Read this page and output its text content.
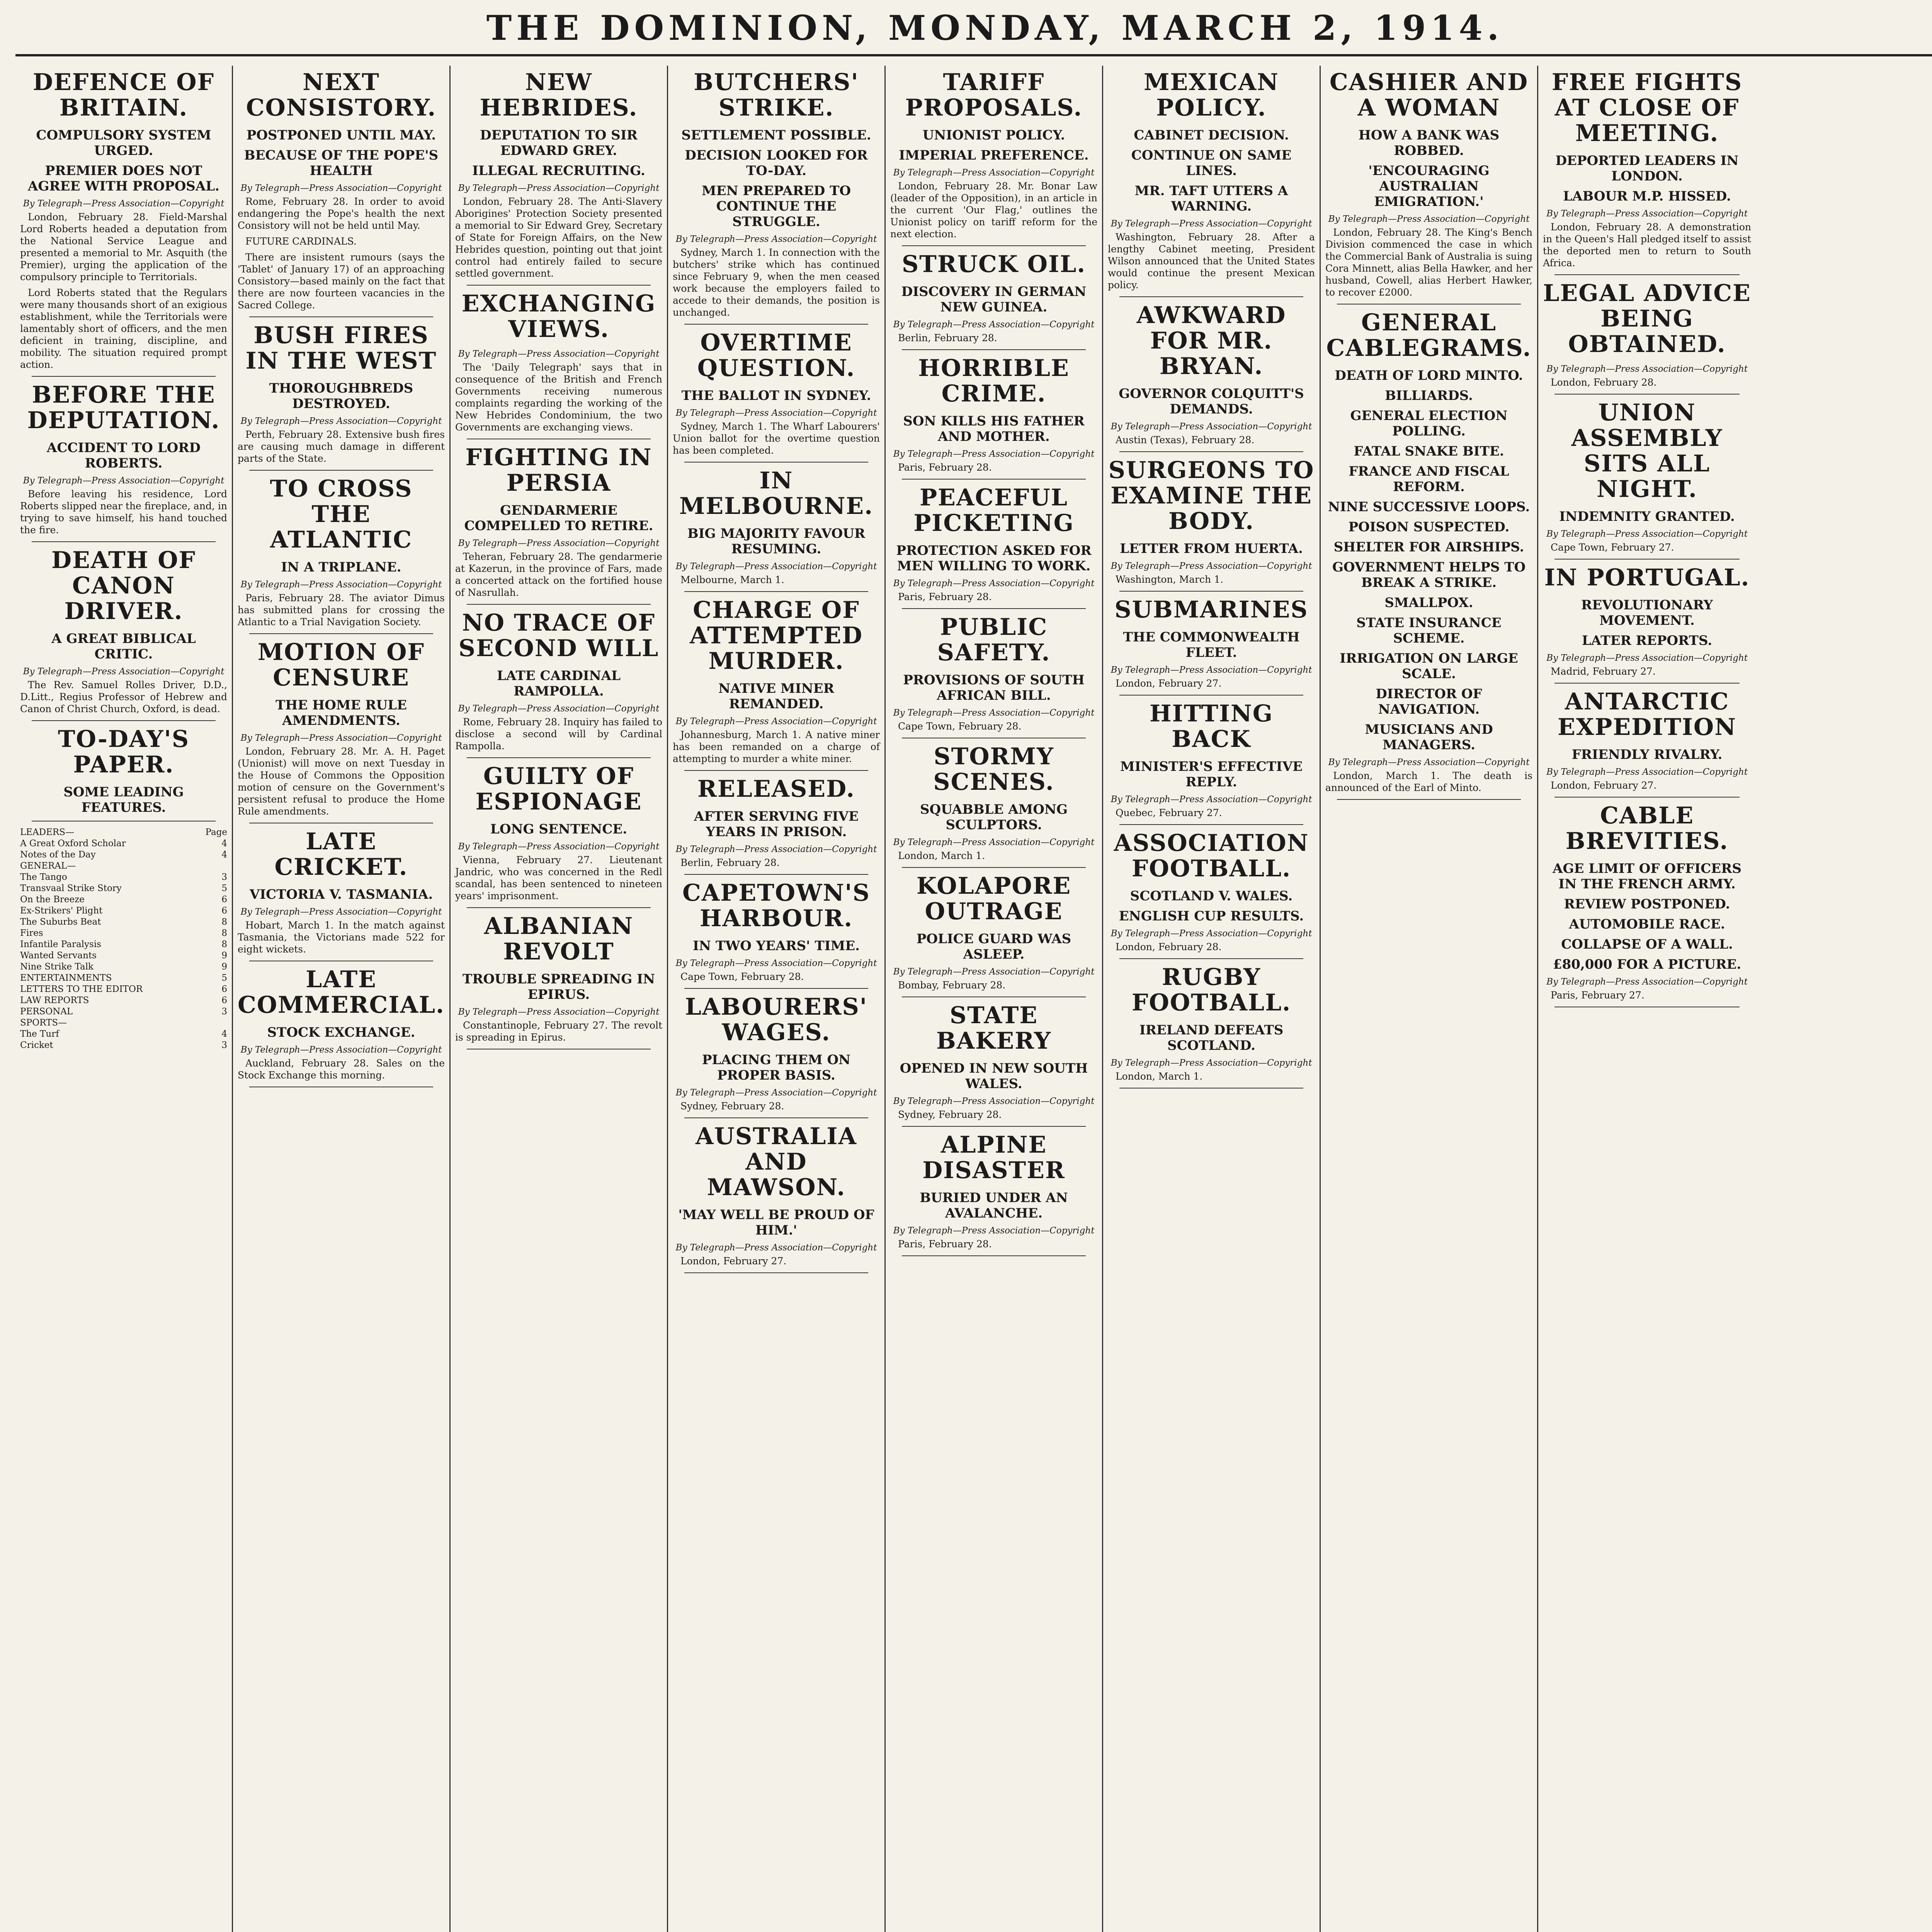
THE DOMINION, MONDAY, MARCH 2, 1914.
DEFENCE OF BRITAIN.
COMPULSORY SYSTEM URGED.
PREMIER DOES NOT AGREE WITH PROPOSAL.
By Telegraph—Press Association—Copyright
London, February 28. Field-Marshal Lord Roberts headed a deputation from the National Service League and presented a memorial to Mr. Asquith (the Premier), urging the application of the compulsory principle to Territorials.
Lord Roberts stated that the Regulars were many thousands short of an exigious establishment, while the Territorials were lamentably short of officers, and the men deficient in training, discipline, and mobility. The situation required prompt action.
BEFORE THE DEPUTATION.
ACCIDENT TO LORD ROBERTS.
By Telegraph—Press Association—Copyright
Before leaving his residence, Lord Roberts slipped near the fireplace, and, in trying to save himself, his hand touched the fire.
DEATH OF CANON DRIVER.
A GREAT BIBLICAL CRITIC.
By Telegraph—Press Association—Copyright
The Rev. Samuel Rolles Driver, D.D., D.Litt., Regius Professor of Hebrew and Canon of Christ Church, Oxford, is dead.
TO-DAY'S PAPER.
SOME LEADING FEATURES.
LEADERS—	Page
A Great Oxford Scholar	4
Notes of the Day	4
GENERAL—
The Tango	3
Transvaal Strike Story	5
On the Breeze	6
Ex-Strikers' Plight	6
The Suburbs Beat	8
Fires	8
Infantile Paralysis	8
Wanted Servants	9
Nine Strike Talk	9
ENTERTAINMENTS	5
LETTERS TO THE EDITOR	6
LAW REPORTS	6
PERSONAL	3
SPORTS—
The Turf	4
Cricket	3
NEXT CONSISTORY.
POSTPONED UNTIL MAY.
BECAUSE OF THE POPE'S HEALTH
By Telegraph—Press Association—Copyright
Rome, February 28. In order to avoid endangering the Pope's health the next Consistory will not be held until May.
FUTURE CARDINALS.
There are insistent rumours (says the 'Tablet' of January 17) of an approaching Consistory—based mainly on the fact that there are now fourteen vacancies in the Sacred College.
BUSH FIRES IN THE WEST
THOROUGHBREDS DESTROYED.
By Telegraph—Press Association—Copyright
Perth, February 28. Extensive bush fires are causing much damage in different parts of the State.
TO CROSS THE ATLANTIC
IN A TRIPLANE.
By Telegraph—Press Association—Copyright
Paris, February 28. The aviator Dimus has submitted plans for crossing the Atlantic to a Trial Navigation Society.
MOTION OF CENSURE
THE HOME RULE AMENDMENTS.
By Telegraph—Press Association—Copyright
London, February 28. Mr. A. H. Paget (Unionist) will move on next Tuesday in the House of Commons the Opposition motion of censure on the Government's persistent refusal to produce the Home Rule amendments.
LATE CRICKET.
VICTORIA V. TASMANIA.
By Telegraph—Press Association—Copyright
Hobart, March 1. In the match against Tasmania, the Victorians made 522 for eight wickets.
LATE COMMERCIAL.
STOCK EXCHANGE.
By Telegraph—Press Association—Copyright
Auckland, February 28. Sales on the Stock Exchange this morning.
NEW HEBRIDES.
DEPUTATION TO SIR EDWARD GREY.
ILLEGAL RECRUITING.
By Telegraph—Press Association—Copyright
London, February 28. The Anti-Slavery Aborigines' Protection Society presented a memorial to Sir Edward Grey, Secretary of State for Foreign Affairs, on the New Hebrides question, pointing out that joint control had entirely failed to secure settled government.
EXCHANGING VIEWS.
By Telegraph—Press Association—Copyright
The 'Daily Telegraph' says that in consequence of the British and French Governments receiving numerous complaints regarding the working of the New Hebrides Condominium, the two Governments are exchanging views.
FIGHTING IN PERSIA
GENDARMERIE COMPELLED TO RETIRE.
By Telegraph—Press Association—Copyright
Teheran, February 28. The gendarmerie at Kazerun, in the province of Fars, made a concerted attack on the fortified house of Nasrullah.
NO TRACE OF SECOND WILL
LATE CARDINAL RAMPOLLA.
By Telegraph—Press Association—Copyright
Rome, February 28. Inquiry has failed to disclose a second will by Cardinal Rampolla.
GUILTY OF ESPIONAGE
LONG SENTENCE.
By Telegraph—Press Association—Copyright
Vienna, February 27. Lieutenant Jandric, who was concerned in the Redl scandal, has been sentenced to nineteen years' imprisonment.
ALBANIAN REVOLT
TROUBLE SPREADING IN EPIRUS.
By Telegraph—Press Association—Copyright
Constantinople, February 27. The revolt is spreading in Epirus.
BUTCHERS' STRIKE.
SETTLEMENT POSSIBLE.
DECISION LOOKED FOR TO-DAY.
MEN PREPARED TO CONTINUE THE STRUGGLE.
By Telegraph—Press Association—Copyright
Sydney, March 1. In connection with the butchers' strike which has continued since February 9, when the men ceased work because the employers failed to accede to their demands, the position is unchanged.
OVERTIME QUESTION.
THE BALLOT IN SYDNEY.
By Telegraph—Press Association—Copyright
Sydney, March 1. The Wharf Labourers' Union ballot for the overtime question has been completed.
IN MELBOURNE.
BIG MAJORITY FAVOUR RESUMING.
By Telegraph—Press Association—Copyright
Melbourne, March 1.
CHARGE OF ATTEMPTED MURDER.
NATIVE MINER REMANDED.
By Telegraph—Press Association—Copyright
Johannesburg, March 1. A native miner has been remanded on a charge of attempting to murder a white miner.
RELEASED.
AFTER SERVING FIVE YEARS IN PRISON.
By Telegraph—Press Association—Copyright
Berlin, February 28.
CAPETOWN'S HARBOUR.
IN TWO YEARS' TIME.
By Telegraph—Press Association—Copyright
Cape Town, February 28.
LABOURERS' WAGES.
PLACING THEM ON PROPER BASIS.
By Telegraph—Press Association—Copyright
Sydney, February 28.
AUSTRALIA AND MAWSON.
'MAY WELL BE PROUD OF HIM.'
By Telegraph—Press Association—Copyright
London, February 27.
TARIFF PROPOSALS.
UNIONIST POLICY.
IMPERIAL PREFERENCE.
By Telegraph—Press Association—Copyright
London, February 28. Mr. Bonar Law (leader of the Opposition), in an article in the current 'Our Flag,' outlines the Unionist policy on tariff reform for the next election.
STRUCK OIL.
DISCOVERY IN GERMAN NEW GUINEA.
By Telegraph—Press Association—Copyright
Berlin, February 28.
HORRIBLE CRIME.
SON KILLS HIS FATHER AND MOTHER.
By Telegraph—Press Association—Copyright
Paris, February 28.
PEACEFUL PICKETING
PROTECTION ASKED FOR MEN WILLING TO WORK.
By Telegraph—Press Association—Copyright
Paris, February 28.
PUBLIC SAFETY.
PROVISIONS OF SOUTH AFRICAN BILL.
By Telegraph—Press Association—Copyright
Cape Town, February 28.
STORMY SCENES.
SQUABBLE AMONG SCULPTORS.
By Telegraph—Press Association—Copyright
London, March 1.
KOLAPORE OUTRAGE
POLICE GUARD WAS ASLEEP.
By Telegraph—Press Association—Copyright
Bombay, February 28.
STATE BAKERY
OPENED IN NEW SOUTH WALES.
By Telegraph—Press Association—Copyright
Sydney, February 28.
ALPINE DISASTER
BURIED UNDER AN AVALANCHE.
By Telegraph—Press Association—Copyright
Paris, February 28.
MEXICAN POLICY.
CABINET DECISION.
CONTINUE ON SAME LINES.
MR. TAFT UTTERS A WARNING.
By Telegraph—Press Association—Copyright
Washington, February 28. After a lengthy Cabinet meeting, President Wilson announced that the United States would continue the present Mexican policy.
AWKWARD FOR MR. BRYAN.
GOVERNOR COLQUITT'S DEMANDS.
By Telegraph—Press Association—Copyright
Austin (Texas), February 28.
SURGEONS TO EXAMINE THE BODY.
LETTER FROM HUERTA.
By Telegraph—Press Association—Copyright
Washington, March 1.
SUBMARINES
THE COMMONWEALTH FLEET.
By Telegraph—Press Association—Copyright
London, February 27.
HITTING BACK
MINISTER'S EFFECTIVE REPLY.
By Telegraph—Press Association—Copyright
Quebec, February 27.
ASSOCIATION FOOTBALL.
SCOTLAND V. WALES.
ENGLISH CUP RESULTS.
By Telegraph—Press Association—Copyright
London, February 28.
RUGBY FOOTBALL.
IRELAND DEFEATS SCOTLAND.
By Telegraph—Press Association—Copyright
London, March 1.
CASHIER AND A WOMAN
HOW A BANK WAS ROBBED.
'ENCOURAGING AUSTRALIAN EMIGRATION.'
By Telegraph—Press Association—Copyright
London, February 28. The King's Bench Division commenced the case in which the Commercial Bank of Australia is suing Cora Minnett, alias Bella Hawker, and her husband, Cowell, alias Herbert Hawker, to recover £2000.
GENERAL CABLEGRAMS.
DEATH OF LORD MINTO.
BILLIARDS.
GENERAL ELECTION POLLING.
FATAL SNAKE BITE.
FRANCE AND FISCAL REFORM.
NINE SUCCESSIVE LOOPS.
POISON SUSPECTED.
SHELTER FOR AIRSHIPS.
GOVERNMENT HELPS TO BREAK A STRIKE.
SMALLPOX.
STATE INSURANCE SCHEME.
IRRIGATION ON LARGE SCALE.
DIRECTOR OF NAVIGATION.
MUSICIANS AND MANAGERS.
By Telegraph—Press Association—Copyright
London, March 1. The death is announced of the Earl of Minto.
FREE FIGHTS AT CLOSE OF MEETING.
DEPORTED LEADERS IN LONDON.
LABOUR M.P. HISSED.
By Telegraph—Press Association—Copyright
London, February 28. A demonstration in the Queen's Hall pledged itself to assist the deported men to return to South Africa.
LEGAL ADVICE BEING OBTAINED.
By Telegraph—Press Association—Copyright
London, February 28.
UNION ASSEMBLY SITS ALL NIGHT.
INDEMNITY GRANTED.
By Telegraph—Press Association—Copyright
Cape Town, February 27.
IN PORTUGAL.
REVOLUTIONARY MOVEMENT.
LATER REPORTS.
By Telegraph—Press Association—Copyright
Madrid, February 27.
ANTARCTIC EXPEDITION
FRIENDLY RIVALRY.
By Telegraph—Press Association—Copyright
London, February 27.
CABLE BREVITIES.
AGE LIMIT OF OFFICERS IN THE FRENCH ARMY.
REVIEW POSTPONED.
AUTOMOBILE RACE.
COLLAPSE OF A WALL.
£80,000 FOR A PICTURE.
By Telegraph—Press Association—Copyright
Paris, February 27.
